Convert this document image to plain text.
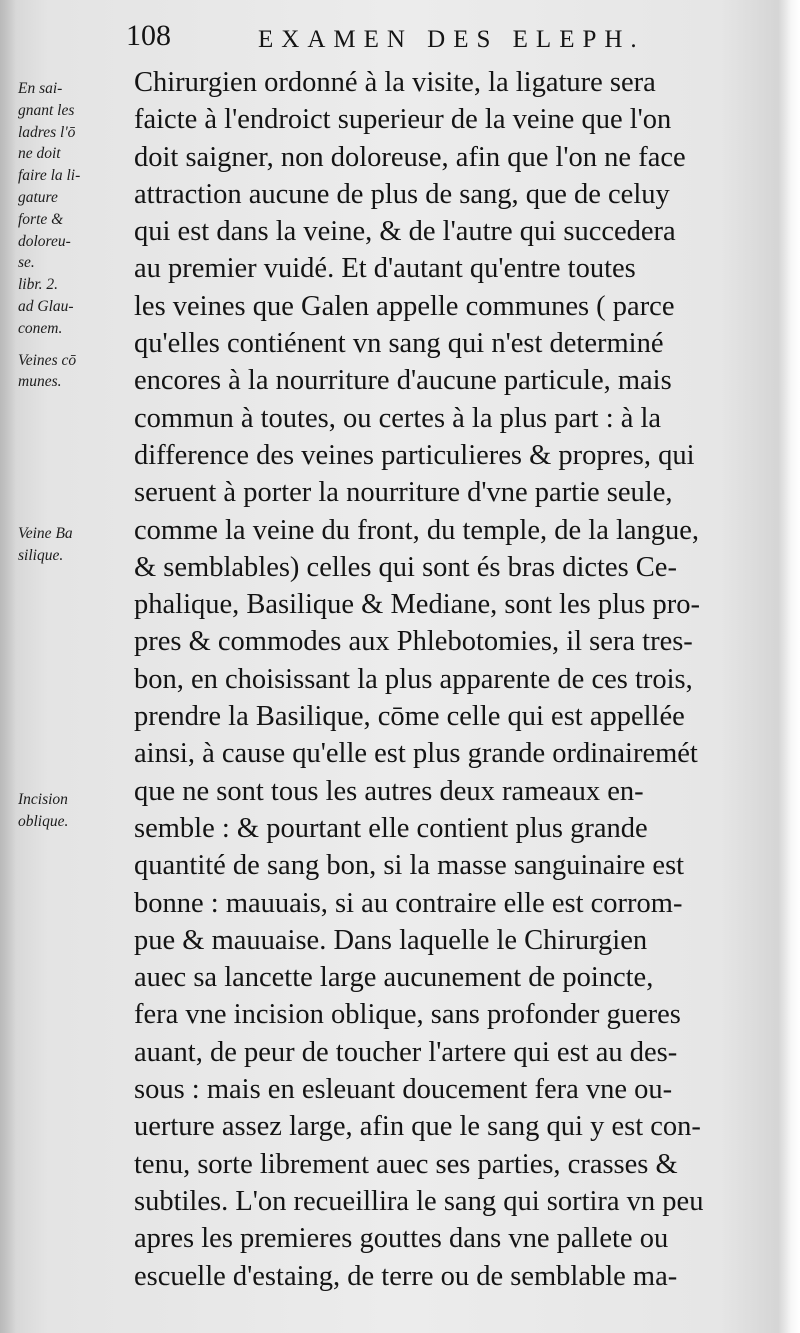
108	EXAMEN DES ELEPH.
En sai-
gnant les
ladres l'ō
ne doit
faire la li-
gature
forte &
doloreu-
se.
libr. 2.
ad Glau-
conem.
Veines cō
munes.
Veine Ba
silique.
Incision
oblique.
Chirurgien ordonné à la visite, la ligature sera
faicte à l'endroict superieur de la veine que l'on
doit saigner, non doloreuse, afin que l'on ne face
attraction aucune de plus de sang, que de celuy
qui est dans la veine, & de l'autre qui succedera
au premier vuidé. Et d'autant qu'entre toutes
les veines que Galen appelle communes ( parce
qu'elles contiénent vn sang qui n'est determiné
encores à la nourriture d'aucune particule, mais
commun à toutes, ou certes à la plus part : à la
difference des veines particulieres & propres, qui
seruent à porter la nourriture d'vne partie seule,
comme la veine du front, du temple, de la langue,
& semblables) celles qui sont és bras dictes Ce-
phalique, Basilique & Mediane, sont les plus pro-
pres & commodes aux Phlebotomies, il sera tres-
bon, en choisissant la plus apparente de ces trois,
prendre la Basilique, cōme celle qui est appellée
ainsi, à cause qu'elle est plus grande ordinairemét
que ne sont tous les autres deux rameaux en-
semble : & pourtant elle contient plus grande
quantité de sang bon, si la masse sanguinaire est
bonne : mauuais, si au contraire elle est corrom-
pue & mauuaise. Dans laquelle le Chirurgien
auec sa lancette large aucunement de poincte,
fera vne incision oblique, sans profonder gueres
auant, de peur de toucher l'artere qui est au des-
sous : mais en esleuant doucement fera vne ou-
uerture assez large, afin que le sang qui y est con-
tenu, sorte librement auec ses parties, crasses &
subtiles. L'on recueillira le sang qui sortira vn peu
apres les premieres gouttes dans vne pallete ou
escuelle d'estaing, de terre ou de semblable ma-
